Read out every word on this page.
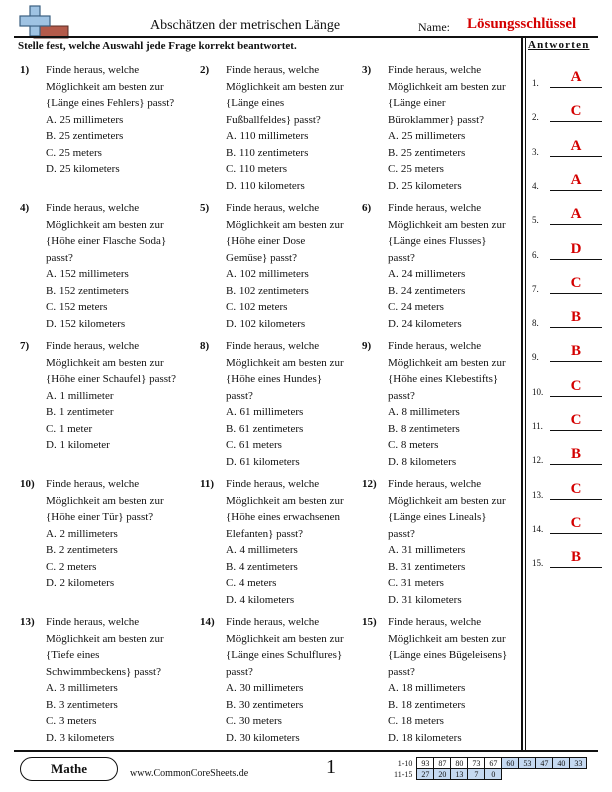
Abschätzen der metrischen Länge	Name: Lösungsschlüssel
Stelle fest, welche Auswahl jede Frage korrekt beantwortet.	Antworten
1)	Finde heraus, welche
Möglichkeit am besten zur
{Länge eines Fehlers} passt?
A. 25 millimeters
B. 25 zentimeters
C. 25 meters
D. 25 kilometers
2)	Finde heraus, welche
Möglichkeit am besten zur
{Länge eines
Fußballfeldes} passt?
A. 110 millimeters
B. 110 zentimeters
C. 110 meters
D. 110 kilometers
3)	Finde heraus, welche
Möglichkeit am besten zur
{Länge einer
Büroklammer} passt?
A. 25 millimeters
B. 25 zentimeters
C. 25 meters
D. 25 kilometers
4)	Finde heraus, welche
Möglichkeit am besten zur
{Höhe einer Flasche Soda}
passt?
A. 152 millimeters
B. 152 zentimeters
C. 152 meters
D. 152 kilometers
5)	Finde heraus, welche
Möglichkeit am besten zur
{Höhe einer Dose
Gemüse} passt?
A. 102 millimeters
B. 102 zentimeters
C. 102 meters
D. 102 kilometers
6)	Finde heraus, welche
Möglichkeit am besten zur
{Länge eines Flusses}
passt?
A. 24 millimeters
B. 24 zentimeters
C. 24 meters
D. 24 kilometers
7)	Finde heraus, welche
Möglichkeit am besten zur
{Höhe einer Schaufel} passt?
A. 1 millimeter
B. 1 zentimeter
C. 1 meter
D. 1 kilometer
8)	Finde heraus, welche
Möglichkeit am besten zur
{Höhe eines Hundes}
passt?
A. 61 millimeters
B. 61 zentimeters
C. 61 meters
D. 61 kilometers
9)	Finde heraus, welche
Möglichkeit am besten zur
{Höhe eines Klebestifts}
passt?
A. 8 millimeters
B. 8 zentimeters
C. 8 meters
D. 8 kilometers
10)	Finde heraus, welche
Möglichkeit am besten zur
{Höhe einer Tür} passt?
A. 2 millimeters
B. 2 zentimeters
C. 2 meters
D. 2 kilometers
11)	Finde heraus, welche
Möglichkeit am besten zur
{Höhe eines erwachsenen
Elefanten} passt?
A. 4 millimeters
B. 4 zentimeters
C. 4 meters
D. 4 kilometers
12)	Finde heraus, welche
Möglichkeit am besten zur
{Länge eines Lineals}
passt?
A. 31 millimeters
B. 31 zentimeters
C. 31 meters
D. 31 kilometers
13)	Finde heraus, welche
Möglichkeit am besten zur
{Tiefe eines
Schwimmbeckens} passt?
A. 3 millimeters
B. 3 zentimeters
C. 3 meters
D. 3 kilometers
14)	Finde heraus, welche
Möglichkeit am besten zur
{Länge eines Schulflures}
passt?
A. 30 millimeters
B. 30 zentimeters
C. 30 meters
D. 30 kilometers
15)	Finde heraus, welche
Möglichkeit am besten zur
{Länge eines Bügeleisens}
passt?
A. 18 millimeters
B. 18 zentimeters
C. 18 meters
D. 18 kilometers
1.	A
2.	C
3.	A
4.	A
5.	A
6.	D
7.	C
8.	B
9.	B
10.	C
11.	C
12.	B
13.	C
14.	C
15.	B
Mathe	www.CommonCoreSheets.de	1	1-10	93	87	80	73	67	60	53	47	40	33
11-15	27	20	13	7	0					
